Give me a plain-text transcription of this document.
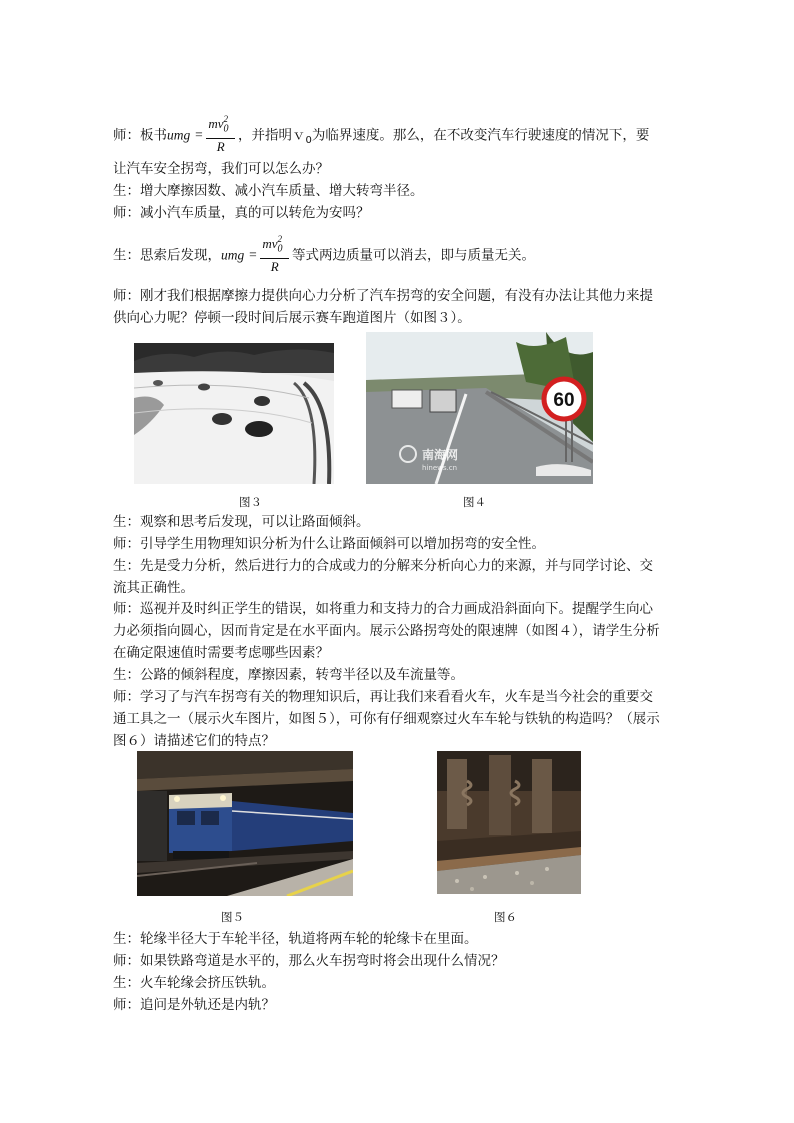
师：板书umg = $\frac{mv_0^2}{R}$ ，并指明ｖ$_0$为临界速度。那么，在不改变汽车行驶速度的情况下，要
让汽车安全拐弯，我们可以怎么办？
生：增大摩擦因数、减小汽车质量、增大转弯半径。
师：减小汽车质量，真的可以转危为安吗？
生：思索后发现，umg = $\frac{mv_0^2}{R}$ 等式两边质量可以消去，即与质量无关。
师：刚才我们根据摩擦力提供向心力分析了汽车拐弯的安全问题，有没有办法让其他力来提
供向心力呢？停顿一段时间后展示赛车跑道图片（如图３）。
60
南海网
hinews.cn
图３	图４
生：观察和思考后发现，可以让路面倾斜。
师：引导学生用物理知识分析为什么让路面倾斜可以增加拐弯的安全性。
生：先是受力分析，然后进行力的合成或力的分解来分析向心力的来源，并与同学讨论、交
流其正确性。
师：巡视并及时纠正学生的错误，如将重力和支持力的合力画成沿斜面向下。提醒学生向心
力必须指向圆心，因而肯定是在水平面内。展示公路拐弯处的限速牌（如图４），请学生分析
在确定限速值时需要考虑哪些因素？
生：公路的倾斜程度，摩擦因素，转弯半径以及车流量等。
师：学习了与汽车拐弯有关的物理知识后，再让我们来看看火车，火车是当今社会的重要交
通工具之一（展示火车图片，如图５），可你有仔细观察过火车车轮与铁轨的构造吗？（展示
图６）请描述它们的特点？
图５	图６
生：轮缘半径大于车轮半径，轨道将两车轮的轮缘卡在里面。
师：如果铁路弯道是水平的，那么火车拐弯时将会出现什么情况？
生：火车轮缘会挤压铁轨。
师：追问是外轨还是内轨？
